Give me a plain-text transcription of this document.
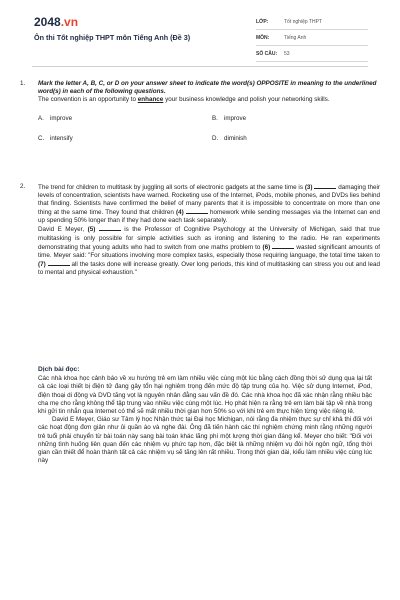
2048.vn
Ôn thi Tốt nghiệp THPT môn Tiếng Anh (Đề 3)
LỚP:	Tốt nghiệp THPT
MÔN:	Tiếng Anh
SỐ CÂU:	53
1.	Mark the letter A, B, C, or D on your answer sheet to indicate the word(s) OPPOSITE in meaning to the underlined word(s) in each of the following questions.

The convention is an opportunity to enhance your business knowledge and polish your networking skills.

A. improve	B. improve
C. intensify	D. diminish
2.	The trend for children to multitask by juggling all sorts of electronic gadgets at the same time is (3)	damaging their levels of concentration, scientists have warned. Rocketing use of the Internet, iPods, mobile phones, and DVDs lies behind that finding. Scientists have confirmed the belief of many parents that it is impossible to concentrate on more than one thing at the same time. They found that children (4)	homework while sending messages via the Internet can end up spending 50% longer than if they had done each task separately.

David E Meyer, (5)	is the Professor of Cognitive Psychology at the University of Michigan, said that true multitasking is only possible for simple activities such as ironing and listening to the radio. He ran experiments demonstrating that young adults who had to switch from one maths problem to (6)	wasted significant amounts of time. Meyer said: "For situations involving more complex tasks, especially those requiring language, the total time taken to (7)	all the tasks done will increase greatly. Over long periods, this kind of multitasking can stress you out and lead to mental and physical exhaustion."

Dịch bài đọc:

Các nhà khoa học cảnh báo về xu hướng trẻ em làm nhiều việc cùng một lúc bằng cách đồng thời sử dụng qua lại tất cả các loại thiết bị điện tử đang gây tổn hại nghiêm trọng đến mức độ tập trung của họ. Việc sử dụng Internet, iPod, điện thoại di động và DVD tăng vọt là nguyên nhân đằng sau vấn đề đó. Các nhà khoa học đã xác nhận rằng nhiều bậc cha mẹ cho rằng không thể tập trung vào nhiều việc cùng một lúc. Họ phát hiện ra rằng trẻ em làm bài tập về nhà trong khi gửi tin nhắn qua Internet có thể sẽ mất nhiều thời gian hơn 50% so với khi trẻ em thực hiện từng việc riêng lẻ.

David E Meyer, Giáo sư Tâm lý học Nhận thức tại Đại học Michigan, nói rằng đa nhiệm thực sự chỉ khả thi đối với các hoạt động đơn giản như ủi quần áo và nghe đài. Ông đã tiến hành các thí nghiệm chứng minh rằng những người trẻ tuổi phải chuyển từ bài toán này sang bài toán khác lãng phí một lượng thời gian đáng kể. Meyer cho biết: "Đối với những tình huống liên quan đến các nhiệm vụ phức tạp hơn, đặc biệt là những nhiệm vụ đòi hỏi ngôn ngữ, tổng thời gian cần thiết để hoàn thành tất cả các nhiệm vụ sẽ tăng lên rất nhiều. Trong thời gian dài, kiểu làm nhiều việc cùng lúc này
